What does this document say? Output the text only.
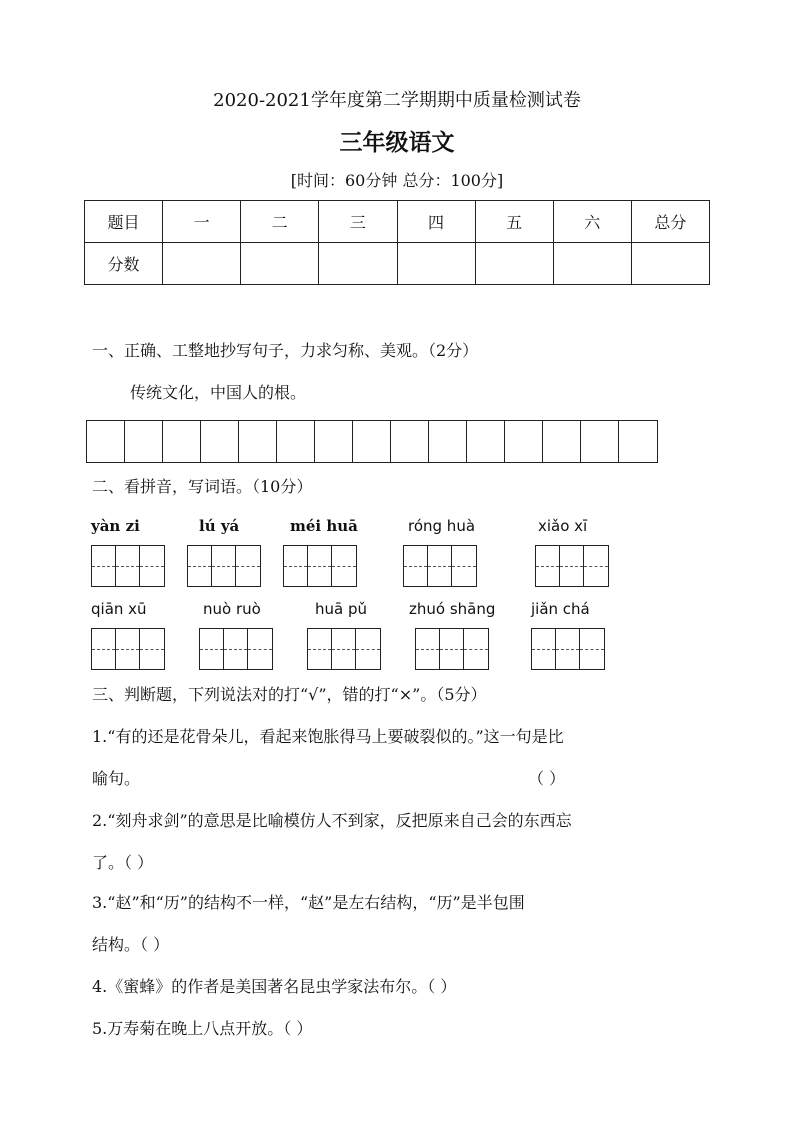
2020-2021学年度第二学期期中质量检测试卷
三年级语文
[时间：60分钟 总分：100分]
题目	一	二	三	四	五	六	总分
分数							
一、正确、工整地抄写句子，力求匀称、美观。（2分）
传统文化，中国人的根。
二、看拼音，写词语。（10分）
yàn zi	lú yá	méi huā	róng huà	xiǎo xī
qiān xū	nuò ruò	huā pǔ	zhuó shāng jiǎn chá
三、判断题，下列说法对的打“√”，错的打“×”。（5分）
1.“有的还是花骨朵儿，看起来饱胀得马上要破裂似的。”这一句是比
喻句。	（ ）
2.“刻舟求剑”的意思是比喻模仿人不到家，反把原来自己会的东西忘
了。（ ）
3.“赵”和“历”的结构不一样，“赵”是左右结构，“历”是半包围
结构。（ ）
4.《蜜蜂》的作者是美国著名昆虫学家法布尔。（ ）
5.万寿菊在晚上八点开放。（ ）
